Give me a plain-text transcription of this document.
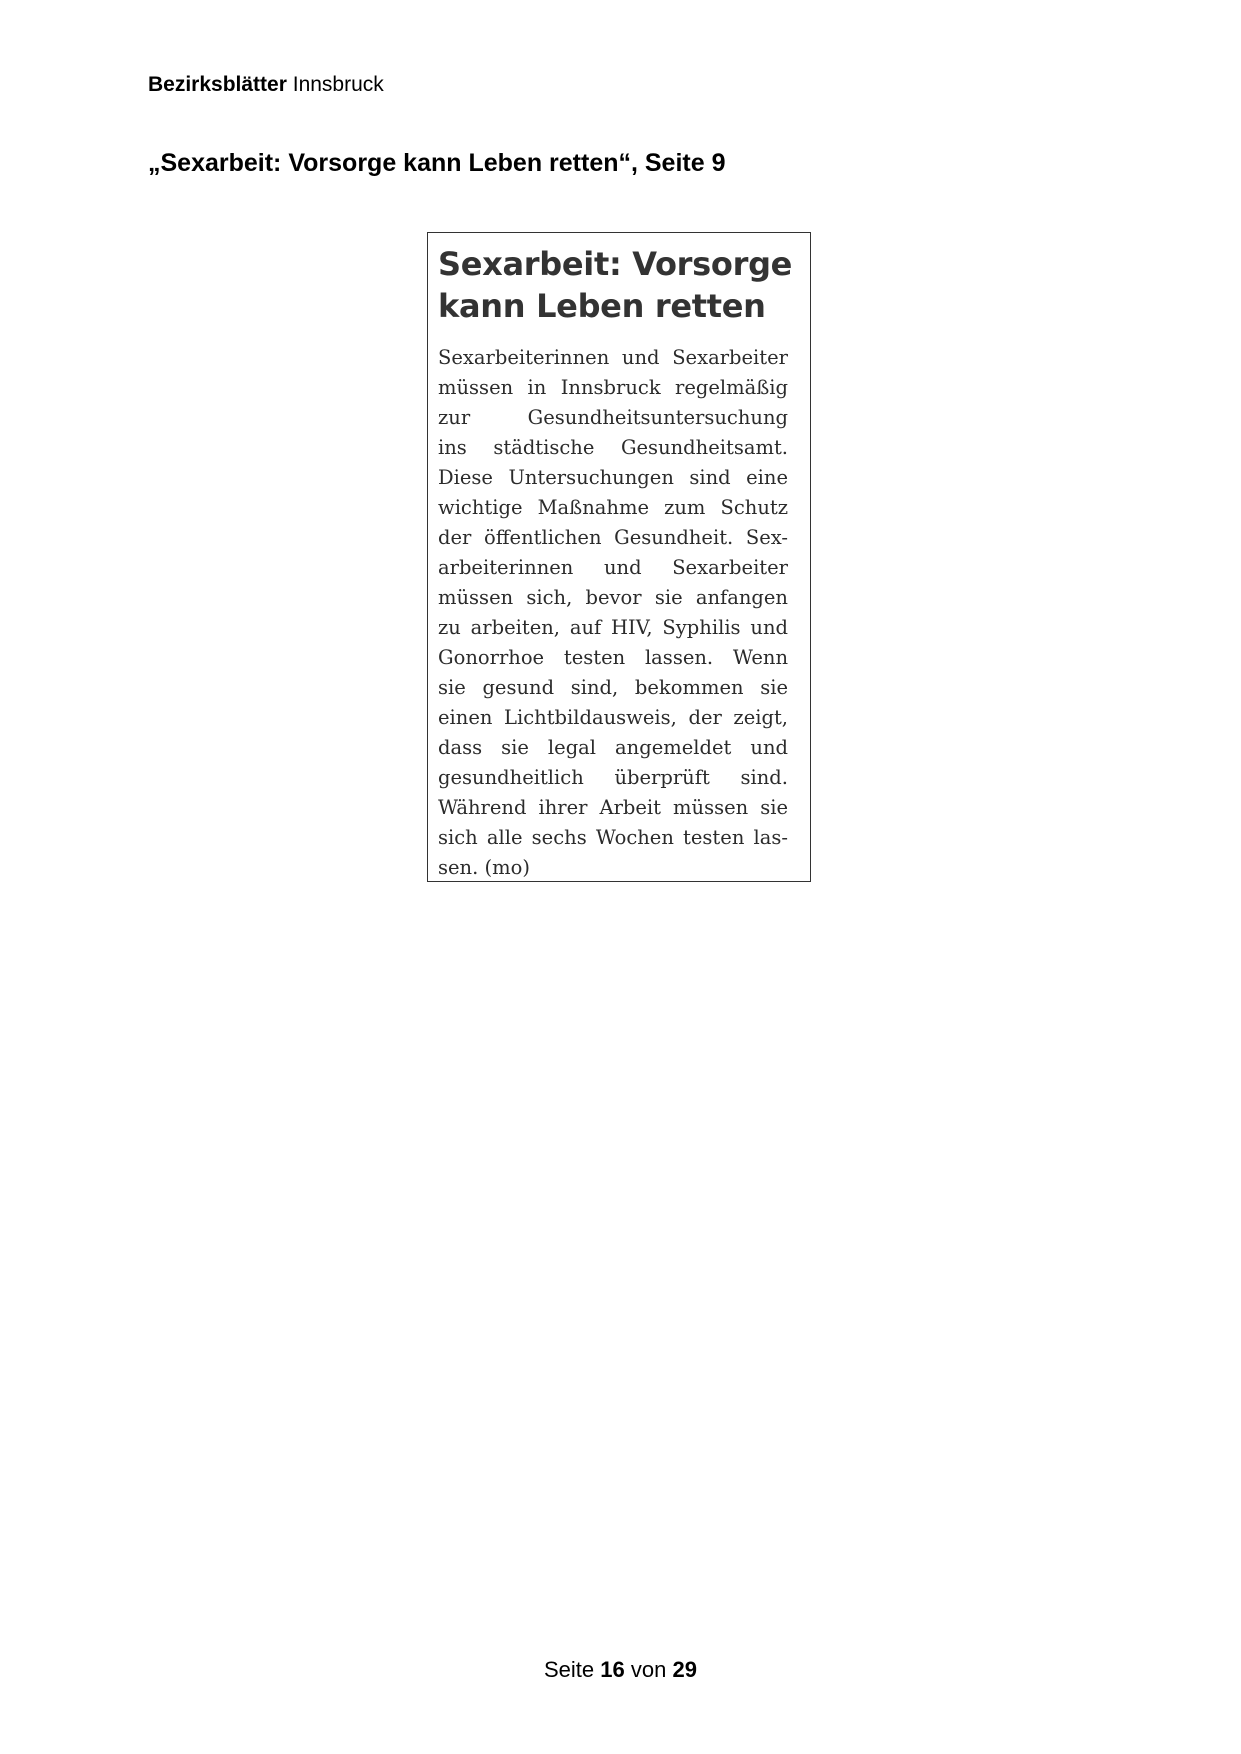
Bezirksblätter Innsbruck
„Sexarbeit: Vorsorge kann Leben retten“, Seite 9
Sexarbeit: Vorsorge
kann Leben retten
Sexarbeiterinnen und Sexarbeiter
müssen in Innsbruck regelmäßig
zur Gesundheitsuntersuchung
ins städtische Gesundheitsamt.
Diese Untersuchungen sind eine
wichtige Maßnahme zum Schutz
der öffentlichen Gesundheit. Sex-
arbeiterinnen und Sexarbeiter
müssen sich, bevor sie anfangen
zu arbeiten, auf HIV, Syphilis und
Gonorrhoe testen lassen. Wenn
sie gesund sind, bekommen sie
einen Lichtbildausweis, der zeigt,
dass sie legal angemeldet und
gesundheitlich überprüft sind.
Während ihrer Arbeit müssen sie
sich alle sechs Wochen testen las-
sen. (mo)
Seite 16 von 29
